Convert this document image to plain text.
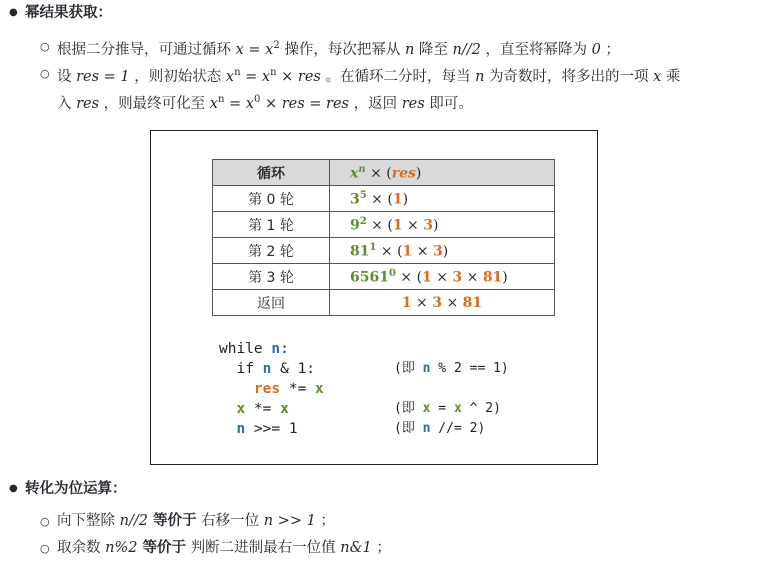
● 幂结果获取：
○ 根据二分推导，可通过循环 $x = x^2$ 操作，每次把幂从 n 降至 n//2 ，直至将幂降为 0 ；
○ 设 res = 1 ，则初始状态 $x^n = x^n$ × res 。在循环二分时，每当 n 为奇数时，将多出的一项 x 乘
入 res ，则最终可化至 $x^n = x^0$ × res = res ，返回 res 即可。
循环	$x^n \times (res)$
第 0 轮	$3^5 \times (1)$
第 1 轮	$9^2 \times (1 \times 3)$
第 2 轮	$81^1 \times (1 \times 3)$
第 3 轮	$6561^0 \times (1 \times 3 \times 81)$
返回	1 × 3 × 81
while n:
if n & 1:
res *= x
x *= x
n >>= 1
(即 n % 2 == 1)
(即 x = x ^ 2)
(即 n //= 2)
● 转化为位运算：
○ 向下整除 n//2 等价于 右移一位 n >> 1 ；
○ 取余数 n%2 等价于 判断二进制最右一位值 n&1 ；
